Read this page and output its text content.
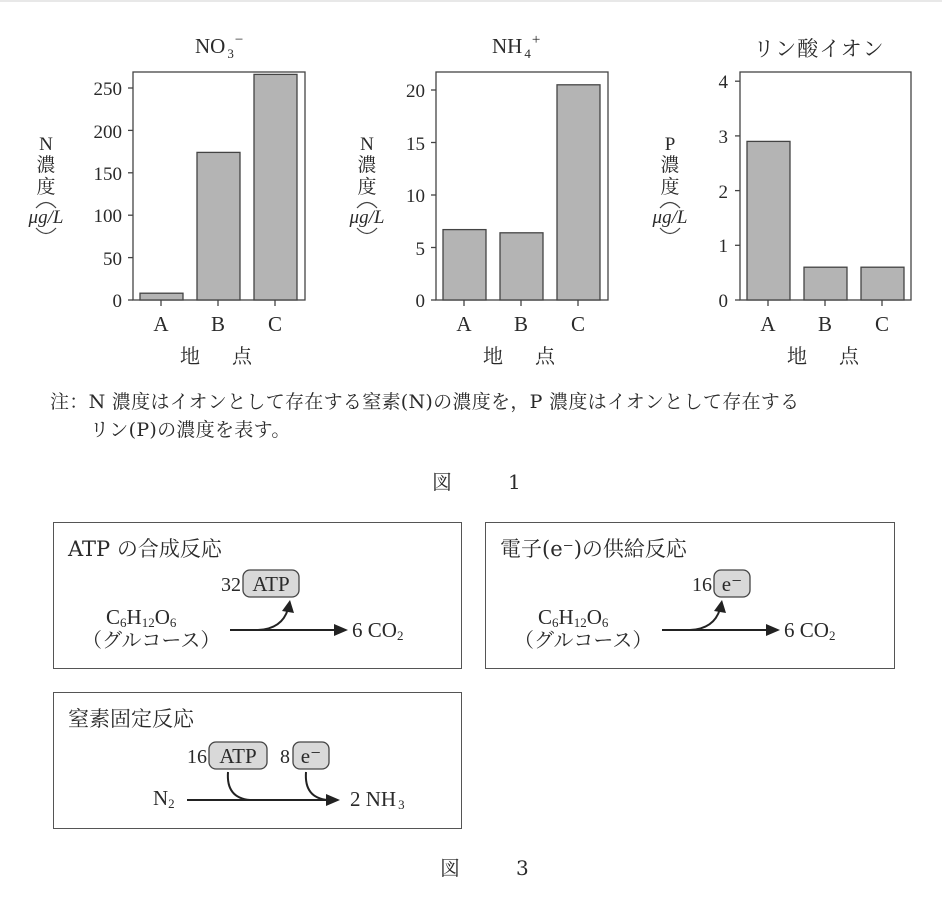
NO $_3$−
0
50
100
150
200
250
A B C
地　点
N
濃
度
μg/L
NH $_4$+
0
5
10
15
20
A B C
地　点
N
濃
度
μg/L
リン酸イオン
0
1
2
3
4
A B C
地　点
P
濃
度
μg/L
注：N 濃度はイオンとして存在する窒素(N)の濃度を，P 濃度はイオンとして存在する
リン(P)の濃度を表す。
図　1
ATP の合成反応
32 ATP
C6H12O6
（グルコース）	6 CO2
電子(e⁻)の供給反応
16 e⁻
C6H12O6
（グルコース）	6 CO2
窒素固定反応
16 ATP 8 e⁻
N2	2 NH 3
図　3
